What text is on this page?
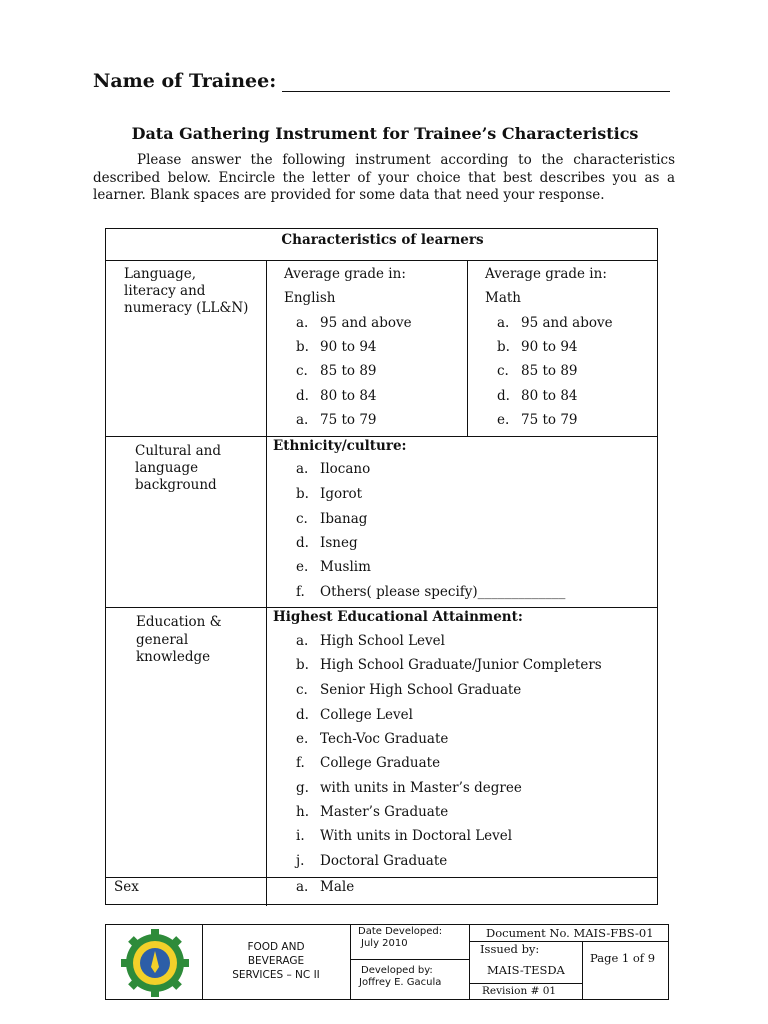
Name of Trainee:
Data Gathering Instrument for Trainee’s Characteristics
Please answer the following instrument according to the characteristics described below. Encircle the letter of your choice that best describes you as a learner. Blank spaces are provided for some data that need your response.
Characteristics of learners
Language,
literacy and
numeracy (LL&N)
Average grade in:
English
a. 95 and above
b. 90 to 94
c. 85 to 89
d. 80 to 84
a. 75 to 79
Average grade in:
Math
a. 95 and above
b. 90 to 94
c. 85 to 89
d. 80 to 84
e. 75 to 79
Cultural and
language
background
Ethnicity/culture:
a. Ilocano
b. Igorot
c. Ibanag
d. Isneg
e. Muslim
f. Others( please specify)_____________
Education &
general
knowledge
Highest Educational Attainment:
a. High School Level
b. High School Graduate/Junior Completers
c. Senior High School Graduate
d. College Level
e. Tech-Voc Graduate
f. College Graduate
g. with units in Master’s degree
h. Master’s Graduate
i. With units in Doctoral Level
j. Doctoral Graduate
Sex	a. Male
FOOD AND
BEVERAGE
SERVICES – NC II
Date Developed:
July 2010
Developed by:
Joffrey E. Gacula
Document No. MAIS-FBS-01
Issued by:
MAIS-TESDA
Revision # 01
Page 1 of 9
